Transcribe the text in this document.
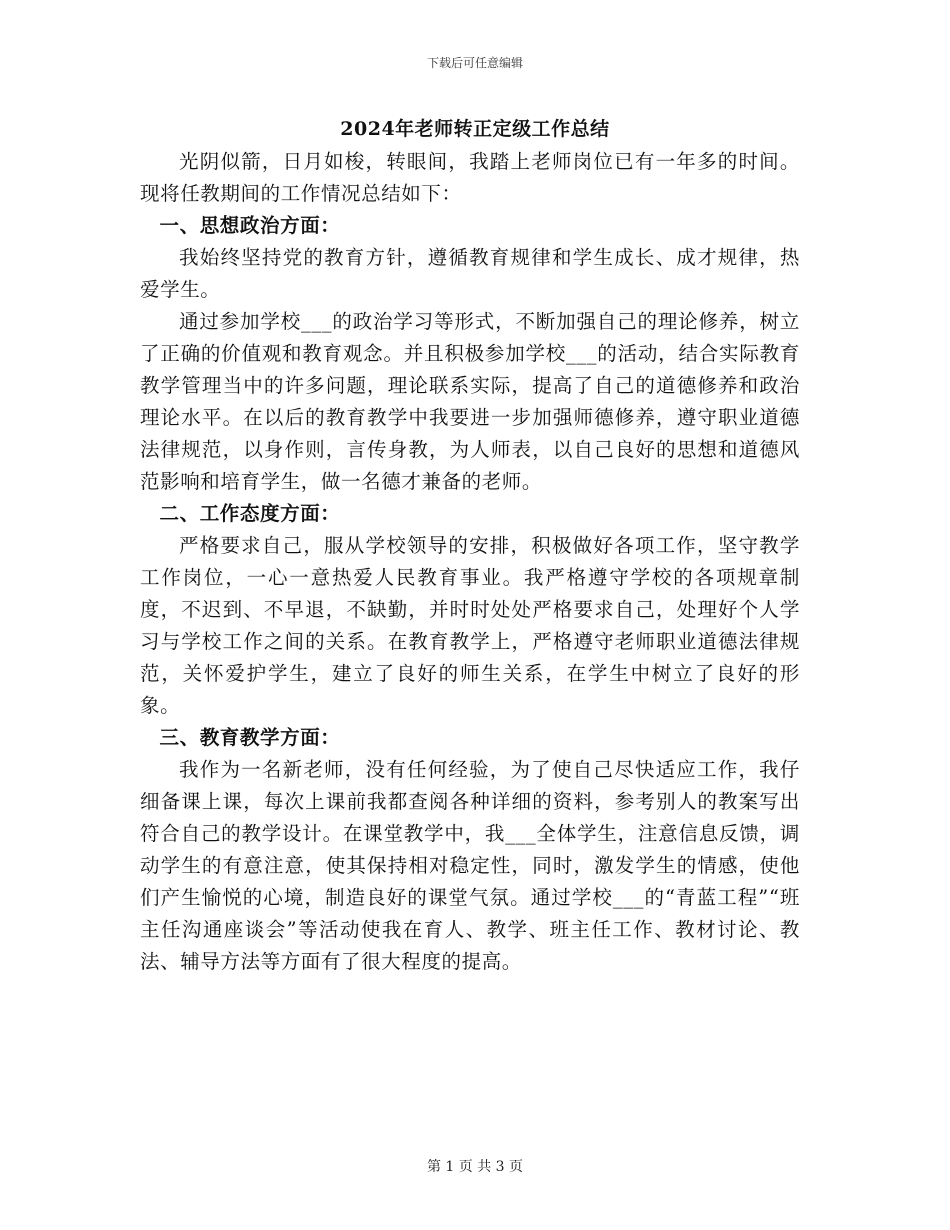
下载后可任意编辑
2024年老师转正定级工作总结

光阴似箭，日月如梭，转眼间，我踏上老师岗位已有一年多的时间。现将任教期间的工作情况总结如下：

一、思想政治方面：

我始终坚持党的教育方针，遵循教育规律和学生成长、成才规律，热爱学生。

通过参加学校___的政治学习等形式，不断加强自己的理论修养，树立了正确的价值观和教育观念。并且积极参加学校___的活动，结合实际教育教学管理当中的许多问题，理论联系实际，提高了自己的道德修养和政治理论水平。在以后的教育教学中我要进一步加强师德修养，遵守职业道德法律规范，以身作则，言传身教，为人师表，以自己良好的思想和道德风范影响和培育学生，做一名德才兼备的老师。

二、工作态度方面：

严格要求自己，服从学校领导的安排，积极做好各项工作，坚守教学工作岗位，一心一意热爱人民教育事业。我严格遵守学校的各项规章制度，不迟到、不早退，不缺勤，并时时处处严格要求自己，处理好个人学习与学校工作之间的关系。在教育教学上，严格遵守老师职业道德法律规范，关怀爱护学生，建立了良好的师生关系，在学生中树立了良好的形象。

三、教育教学方面：

我作为一名新老师，没有任何经验，为了使自己尽快适应工作，我仔细备课上课，每次上课前我都查阅各种详细的资料，参考别人的教案写出符合自己的教学设计。在课堂教学中，我___全体学生，注意信息反馈，调动学生的有意注意，使其保持相对稳定性，同时，激发学生的情感，使他们产生愉悦的心境，制造良好的课堂气氛。通过学校___的“青蓝工程”“班主任沟通座谈会”等活动使我在育人、教学、班主任工作、教材讨论、教法、辅导方法等方面有了很大程度的提高。

第 1 页 共 3 页
